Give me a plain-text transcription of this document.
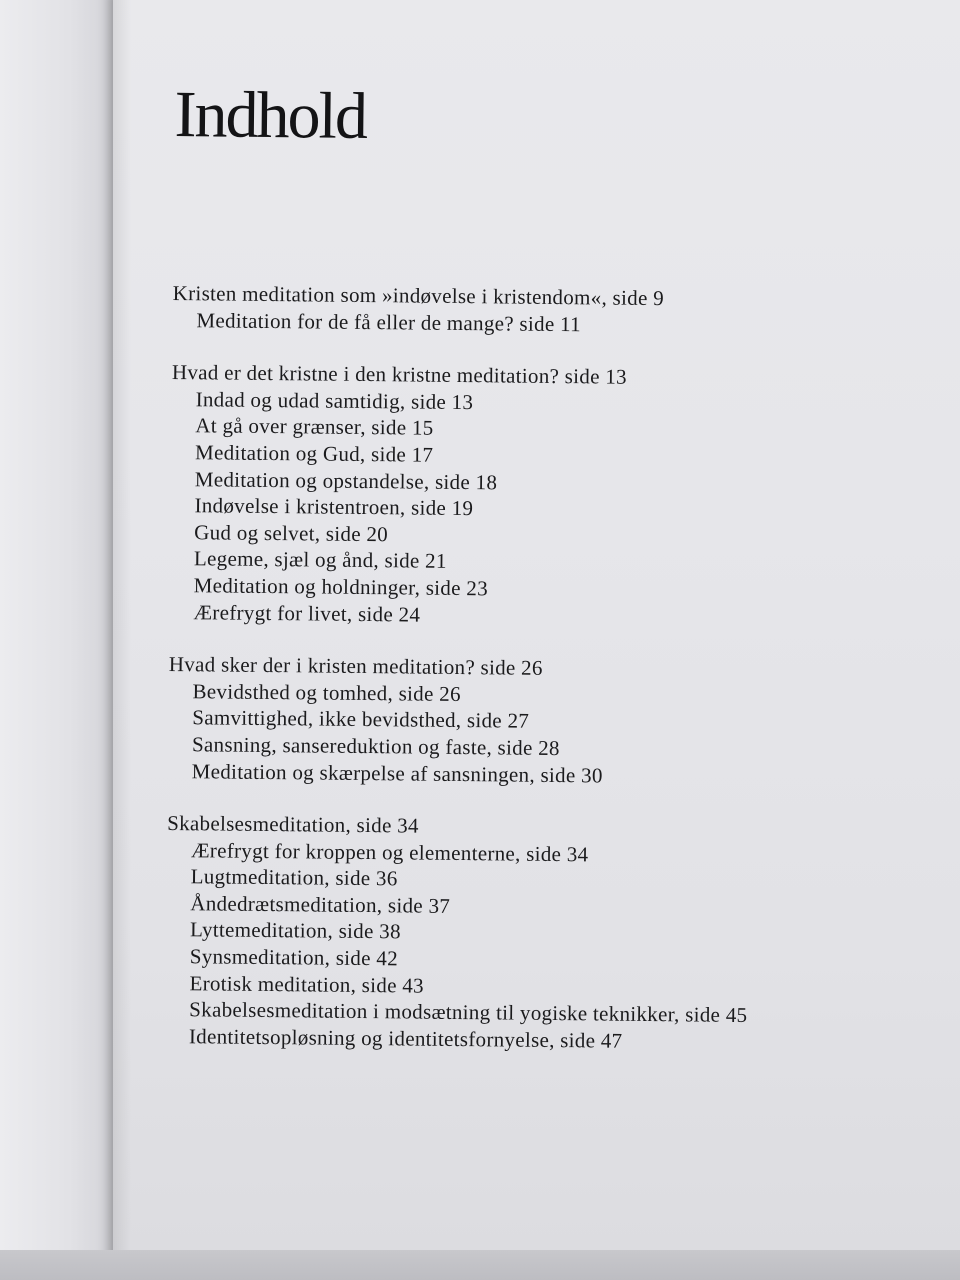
Indhold
Kristen meditation som »indøvelse i kristendom«, side 9
Meditation for de få eller de mange? side 11
Hvad er det kristne i den kristne meditation? side 13
Indad og udad samtidig, side 13
At gå over grænser, side 15
Meditation og Gud, side 17
Meditation og opstandelse, side 18
Indøvelse i kristentroen, side 19
Gud og selvet, side 20
Legeme, sjæl og ånd, side 21
Meditation og holdninger, side 23
Ærefrygt for livet, side 24
Hvad sker der i kristen meditation? side 26
Bevidsthed og tomhed, side 26
Samvittighed, ikke bevidsthed, side 27
Sansning, sansereduktion og faste, side 28
Meditation og skærpelse af sansningen, side 30
Skabelsesmeditation, side 34
Ærefrygt for kroppen og elementerne, side 34
Lugtmeditation, side 36
Åndedrætsmeditation, side 37
Lyttemeditation, side 38
Synsmeditation, side 42
Erotisk meditation, side 43
Skabelsesmeditation i modsætning til yogiske teknikker, side 45
Identitetsopløsning og identitetsfornyelse, side 47
